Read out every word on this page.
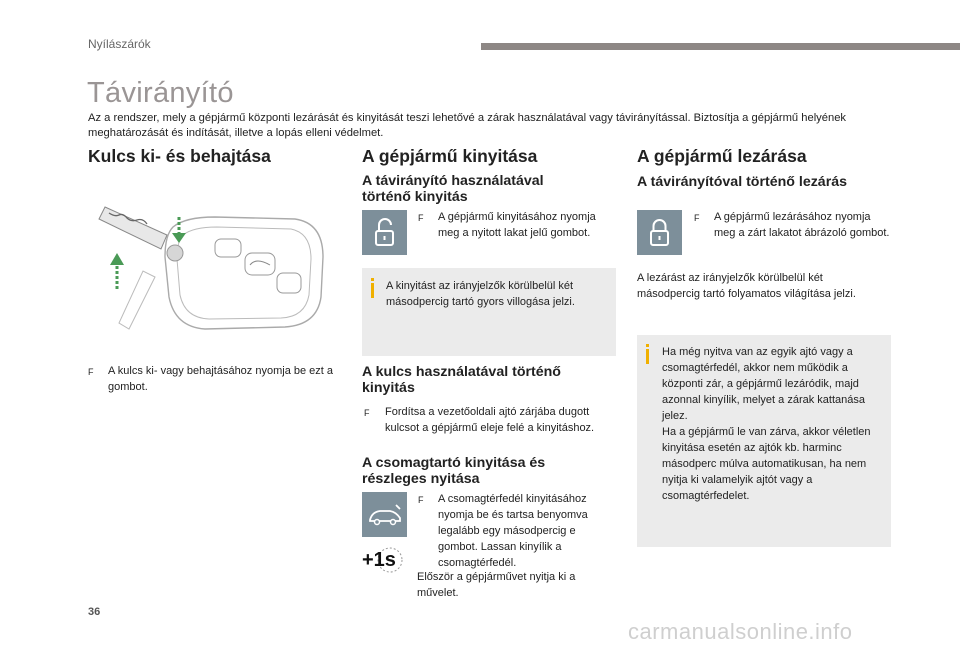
Nyílászárók
Távirányító
Az a rendszer, mely a gépjármű központi lezárását és kinyitását teszi lehetővé a zárak használatával vagy távirányítással. Biztosítja a gépjármű helyének meghatározását és indítását, illetve a lopás elleni védelmet.
Kulcs ki- és behajtása
F A kulcs ki- vagy behajtásához nyomja be ezt a gombot.
A gépjármű kinyitása
A távirányító használatával történő kinyitás
F A gépjármű kinyitásához nyomja meg a nyitott lakat jelű gombot.
A kinyitást az irányjelzők körülbelül két másodpercig tartó gyors villogása jelzi.
A kulcs használatával történő kinyitás
F Fordítsa a vezetőoldali ajtó zárjába dugott kulcsot a gépjármű eleje felé a kinyitáshoz.
A csomagtartó kinyitása és részleges nyitása
+1s
F A csomagtérfedél kinyitásához nyomja be és tartsa benyomva legalább egy másodpercig e gombot. Lassan kinyílik a csomagtérfedél.
Először a gépjárművet nyitja ki a művelet.
A gépjármű lezárása
A távirányítóval történő lezárás
F A gépjármű lezárásához nyomja meg a zárt lakatot ábrázoló gombot.
A lezárást az irányjelzők körülbelül két másodpercig tartó folyamatos világítása jelzi.
Ha még nyitva van az egyik ajtó vagy a csomagtérfedél, akkor nem működik a központi zár, a gépjármű lezáródik, majd azonnal kinyílik, melyet a zárak kattanása jelez.
Ha a gépjármű le van zárva, akkor véletlen kinyitása esetén az ajtók kb. harminc másodperc múlva automatikusan, ha nem nyitja ki valamelyik ajtót vagy a csomagtérfedelet.
36
carmanualsonline.info
